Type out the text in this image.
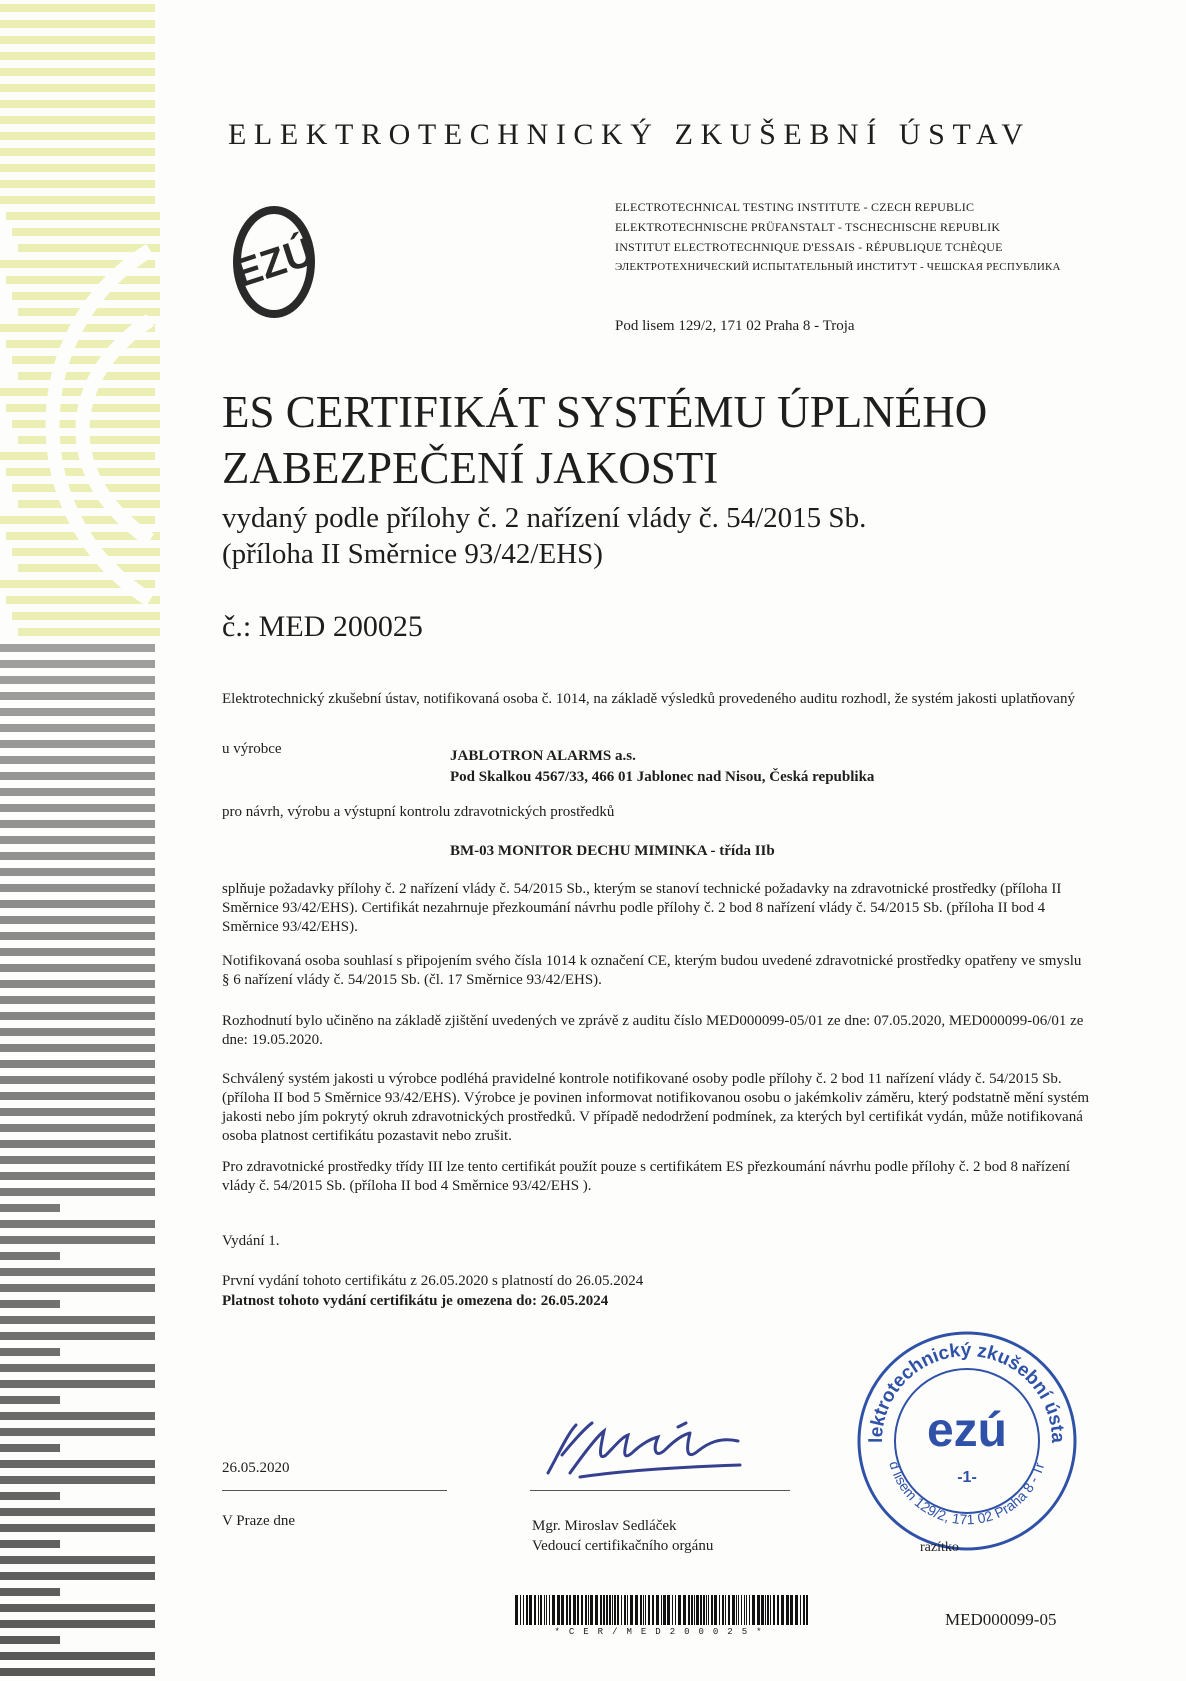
ELEKTROTECHNICKÝ ZKUŠEBNÍ ÚSTAV

EZÚ

ELECTROTECHNICAL TESTING INSTITUTE - CZECH REPUBLIC

ELEKTROTECHNISCHE PRÜFANSTALT - TSCHECHISCHE REPUBLIK

INSTITUT ELECTROTECHNIQUE D'ESSAIS - RÉPUBLIQUE TCHÈQUE

ЭЛЕКТРОТЕХНИЧЕСКИЙ ИСПЫТАТЕЛЬНЫЙ ИНСТИТУТ - ЧЕШСКАЯ РЕСПУБЛИКА

Pod lisem 129/2, 171 02 Praha 8 - Troja

ES CERTIFIKÁT SYSTÉMU ÚPLNÉHO ZABEZPEČENÍ JAKOSTI

vydaný podle přílohy č. 2 nařízení vlády č. 54/2015 Sb.

(příloha II Směrnice 93/42/EHS)

č.: MED 200025

Elektrotechnický zkušební ústav, notifikovaná osoba č. 1014, na základě výsledků provedeného auditu rozhodl, že systém jakosti uplatňovaný

u výrobce	JABLOTRON ALARMS a.s.

Pod Skalkou 4567/33, 466 01 Jablonec nad Nisou, Česká republika

pro návrh, výrobu a výstupní kontrolu zdravotnických prostředků

BM-03 MONITOR DECHU MIMINKA - třída IIb

splňuje požadavky přílohy č. 2 nařízení vlády č. 54/2015 Sb., kterým se stanoví technické požadavky na zdravotnické prostředky (příloha II Směrnice 93/42/EHS). Certifikát nezahrnuje přezkoumání návrhu podle přílohy č. 2 bod 8 nařízení vlády č. 54/2015 Sb. (příloha II bod 4 Směrnice 93/42/EHS).

Notifikovaná osoba souhlasí s připojením svého čísla 1014 k označení CE, kterým budou uvedené zdravotnické prostředky opatřeny ve smyslu § 6 nařízení vlády č. 54/2015 Sb. (čl. 17 Směrnice 93/42/EHS).

Rozhodnutí bylo učiněno na základě zjištění uvedených ve zprávě z auditu číslo MED000099-05/01 ze dne: 07.05.2020, MED000099-06/01 ze dne: 19.05.2020.

Schválený systém jakosti u výrobce podléhá pravidelné kontrole notifikované osoby podle přílohy č. 2 bod 11 nařízení vlády č. 54/2015 Sb. (příloha II bod 5 Směrnice 93/42/EHS). Výrobce je povinen informovat notifikovanou osobu o jakémkoliv záměru, který podstatně mění systém jakosti nebo jím pokrytý okruh zdravotnických prostředků. V případě nedodržení podmínek, za kterých byl certifikát vydán, může notifikovaná osoba platnost certifikátu pozastavit nebo zrušit.

Pro zdravotnické prostředky třídy III lze tento certifikát použít pouze s certifikátem ES přezkoumání návrhu podle přílohy č. 2 bod 8 nařízení vlády č. 54/2015 Sb. (příloha II bod 4 Směrnice 93/42/EHS ).

Vydání 1.

První vydání tohoto certifikátu z 26.05.2020 s platností do 26.05.2024

Platnost tohoto vydání certifikátu je omezena do: 26.05.2024

26.05.2020

V Praze dne	Mgr. Miroslav Sedláček

Vedoucí certifikačního orgánu

lektrotechnický zkušební ústa
d lisem 129/2, 171 02 Praha 8 - Tr
ezú
-1-

razítko

*CER/MED200025*

MED000099-05
